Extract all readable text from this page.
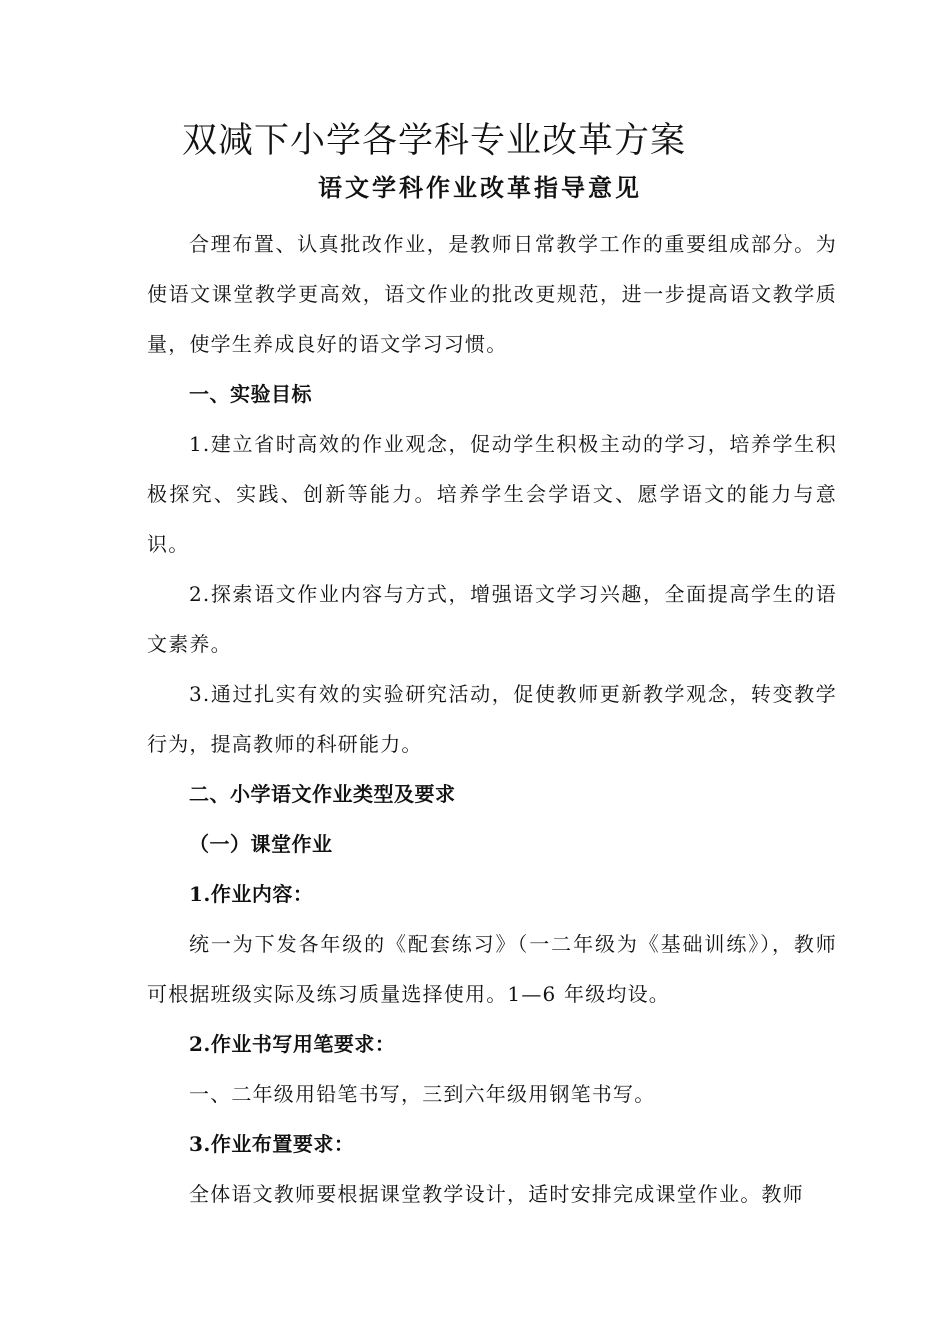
双减下小学各学科专业改革方案
语文学科作业改革指导意见

合理布置、认真批改作业，是教师日常教学工作的重要组成部分。为使语文课堂教学更高效，语文作业的批改更规范，进一步提高语文教学质量，使学生养成良好的语文学习习惯。

一、实验目标

1.建立省时高效的作业观念，促动学生积极主动的学习，培养学生积极探究、实践、创新等能力。培养学生会学语文、愿学语文的能力与意识。

2.探索语文作业内容与方式，增强语文学习兴趣，全面提高学生的语文素养。

3.通过扎实有效的实验研究活动，促使教师更新教学观念，转变教学行为，提高教师的科研能力。

二、小学语文作业类型及要求

（一）课堂作业

1.作业内容：

统一为下发各年级的《配套练习》（一二年级为《基础训练》），教师可根据班级实际及练习质量选择使用。1—6 年级均设。

2.作业书写用笔要求：

一、二年级用铅笔书写，三到六年级用钢笔书写。

3.作业布置要求：

全体语文教师要根据课堂教学设计，适时安排完成课堂作业。教师
